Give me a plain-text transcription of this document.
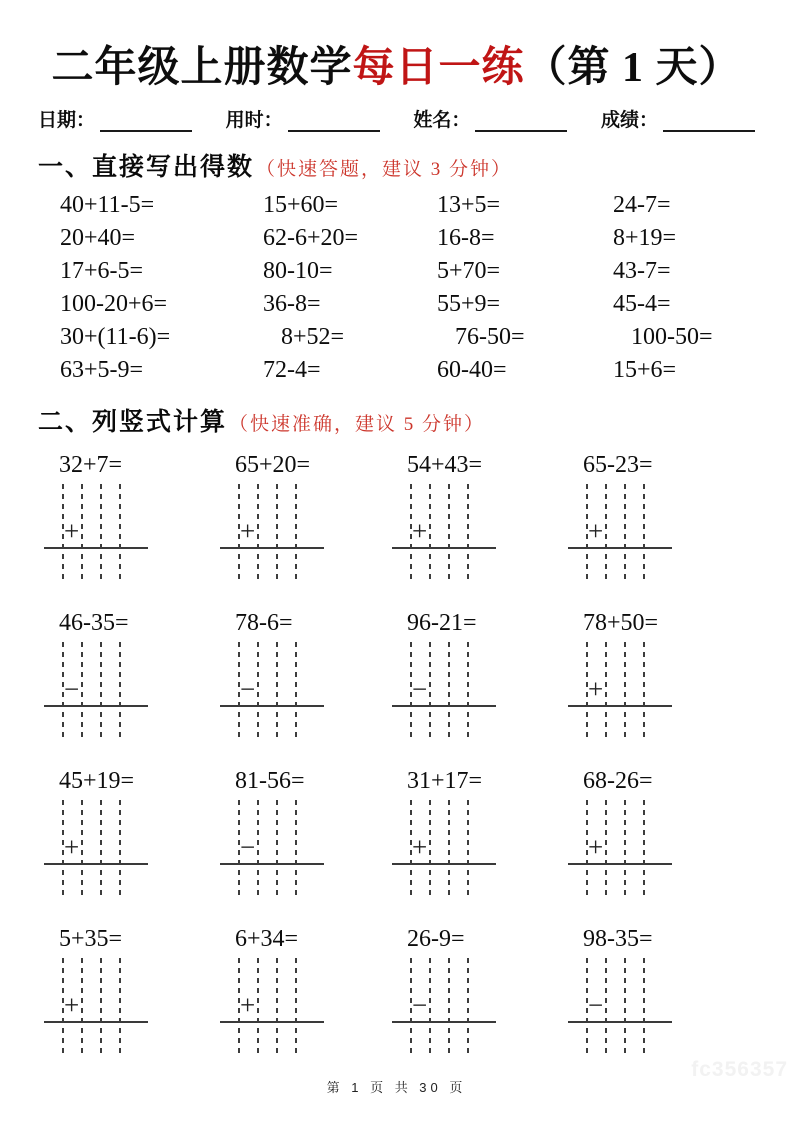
二年级上册数学每日一练（第 1 天）
日期：	用时：	姓名：	成绩：
一、直接写出得数 （快速答题，建议 3 分钟）
40+11-5=	15+60=	13+5=	24-7=
20+40=	62-6+20=	16-8=	8+19=
17+6-5=	80-10=	5+70=	43-7=
100-20+6=	36-8=	55+9=	45-4=
30+(11-6)=	8+52=	76-50=	100-50=
63+5-9=	72-4=	60-40=	15+6=
二、列竖式计算 （快速准确，建议 5 分钟）
32+7=
+
65+20=
+
54+43=
+
65-23=
+
46-35=
−
78-6=
−
96-21=
−
78+50=
+
45+19=
+
81-56=
−
31+17=
+
68-26=
+
5+35=
+
6+34=
+
26-9=
−
98-35=
−
fc356357
第 1 页 共 30 页
